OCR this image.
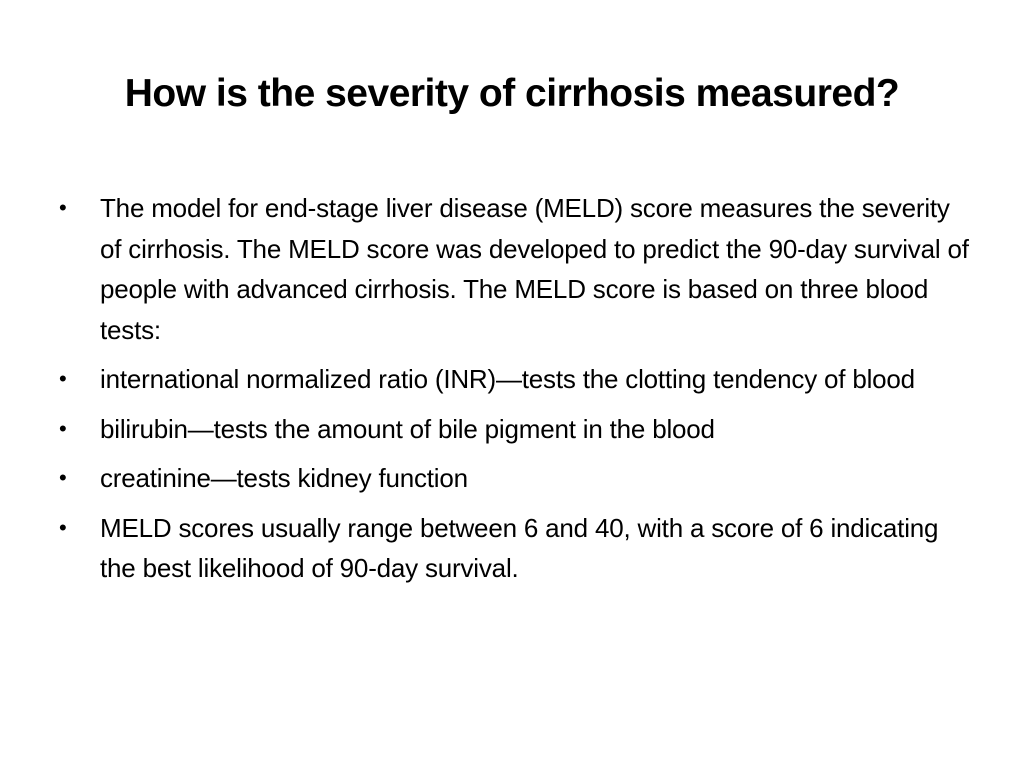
How is the severity of cirrhosis measured?
•	The model for end-stage liver disease (MELD) score measures the severity of cirrhosis. The MELD score was developed to predict the 90-day survival of people with advanced cirrhosis. The MELD score is based on three blood tests:
•	international normalized ratio (INR)—tests the clotting tendency of blood
•	bilirubin—tests the amount of bile pigment in the blood
•	creatinine—tests kidney function
•	MELD scores usually range between 6 and 40, with a score of 6 indicating the best likelihood of 90-day survival.
